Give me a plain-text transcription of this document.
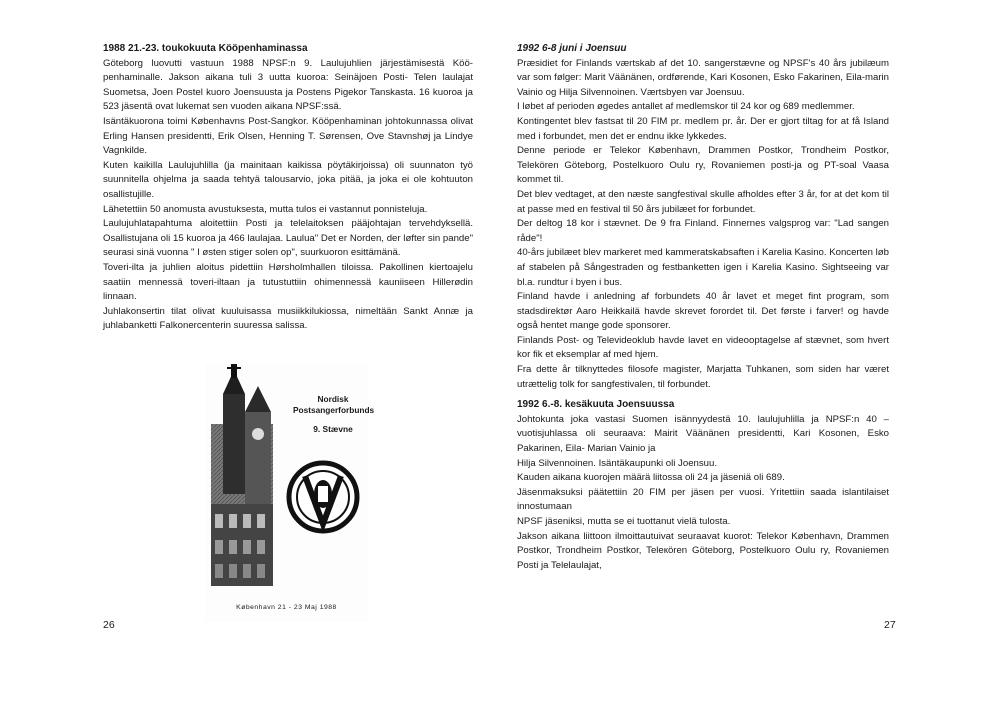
1988 21.-23. toukokuuta Kööpenhaminassa

Göteborg luovutti vastuun 1988 NPSF:n 9. Laulujuhlien järjestämisestä Kööpenhaminalle. Jakson aikana tuli 3 uutta kuoroa: Seinäjoen Posti- Telen laulajat Suometsa, Joen Postel kuoro Joensuusta ja Postens Pigekor Tanskasta. 16 kuoroa ja 523 jäsentä ovat lukemat sen vuoden aikana NPSF:ssä.

Isäntäkuorona toimi Københavns Post-Sangkor. Kööpenhaminan johtokunnassa olivat Erling Hansen presidentti, Erik Olsen, Henning T. Sørensen, Ove Stavnshøj ja Lindye Vagnkilde.

Kuten kaikilla Laulujuhlilla (ja mainitaan kaikissa pöytäkirjoissa) oli suunnaton työ suunnitella ohjelma ja saada tehtyä talousarvio, joka pitää, ja joka ei ole kohtuuton osallistujille.

Lähetettiin 50 anomusta avustuksesta, mutta tulos ei vastannut ponnisteluja.

Laulujuhlatapahtuma aloitettiin Posti ja telelaitoksen pääjohtajan tervehdyksellä. Osallistujana oli 15 kuoroa ja 466 laulajaa. Laulua" Det er Norden, der løfter sin pande" seurasi sinä vuonna " I østen stiger solen op", suurkuoron esittämänä.

Toveri-ilta ja juhlien aloitus pidettiin Hørsholmhallen tiloissa. Pakollinen kiertoajelu saatiin mennessä toveri-iltaan ja tutustuttiin ohimennessä kauniiseen Hillerødin linnaan.

Juhlakonsertin tilat olivat kuuluisassa musiikkilukiossa, nimeltään Sankt Annæ ja juhlabanketti Falkonercenterin suuressa salissa.

Nordisk
Postsangerforbunds
9. Stævne
København 21 - 23 Maj 1988
26

1992 6-8 juni i Joensuu

Præsidiet for Finlands værtskab af det 10. sangerstævne og NPSF's 40 års jubilæum var som følger: Marit Väänänen, ordførende, Kari Kosonen, Esko Fakarinen, Eila-marin Vainio og Hilja Silvennoinen. Værtsbyen var Joensuu.

I løbet af perioden øgedes antallet af medlemskor til 24 kor og 689 medlemmer.

Kontingentet blev fastsat til 20 FIM pr. medlem pr. år. Der er gjort tiltag for at få Island med i forbundet, men det er endnu ikke lykkedes.

Denne periode er Telekor København, Drammen Postkor, Trondheim Postkor, Telekören Göteborg, Postelkuoro Oulu ry, Rovaniemen posti-ja og PT-soal Vaasa kommet til.

Det blev vedtaget, at den næste sangfestival skulle afholdes efter 3 år, for at det kom til at passe med en festival til 50 års jubilæet for forbundet.

Der deltog 18 kor i stævnet. De 9 fra Finland. Finnernes valgsprog var: "Lad sangen råde"!

40-års jubilæet blev markeret med kammeratskabsaften i Karelia Kasino. Koncerten løb af stabelen på Sångestraden og festbanketten igen i Karelia Kasino. Sightseeing var bl.a. rundtur i byen i bus.

Finland havde i anledning af forbundets 40 år lavet et meget fint program, som stadsdirektør Aaro Heikkailä havde skrevet forordet til. Det første i farver! og havde også hentet mange gode sponsorer.

Finlands Post- og Televideoklub havde lavet en videooptagelse af stævnet, som hvert kor fik et eksemplar af med hjem.

Fra dette år tilknyttedes filosofe magister, Marjatta Tuhkanen, som siden har været utrættelig tolk for sangfestivalen, til forbundet.

1992 6.-8. kesäkuuta Joensuussa

Johtokunta joka vastasi Suomen isännyydestä 10. laulujuhlilla ja NPSF:n 40 – vuotisjuhlassa oli seuraava: Mairit Väänänen presidentti, Kari Kosonen, Esko Pakarinen, Eila- Marian Vainio ja

Hilja Silvennoinen. Isäntäkaupunki oli Joensuu.

Kauden aikana kuorojen määrä liitossa oli 24 ja jäseniä oli 689.

Jäsenmaksuksi päätettiin 20 FIM per jäsen per vuosi. Yritettiin saada islantilaiset innostumaan

NPSF jäseniksi, mutta se ei tuottanut vielä tulosta.

Jakson aikana liittoon ilmoittautuivat seuraavat kuorot: Telekor København, Drammen Postkor, Trondheim Postkor, Teleкören Göteborg, Postelkuoro Oulu ry, Rovaniemen Posti ja Telelaulajat,

27
